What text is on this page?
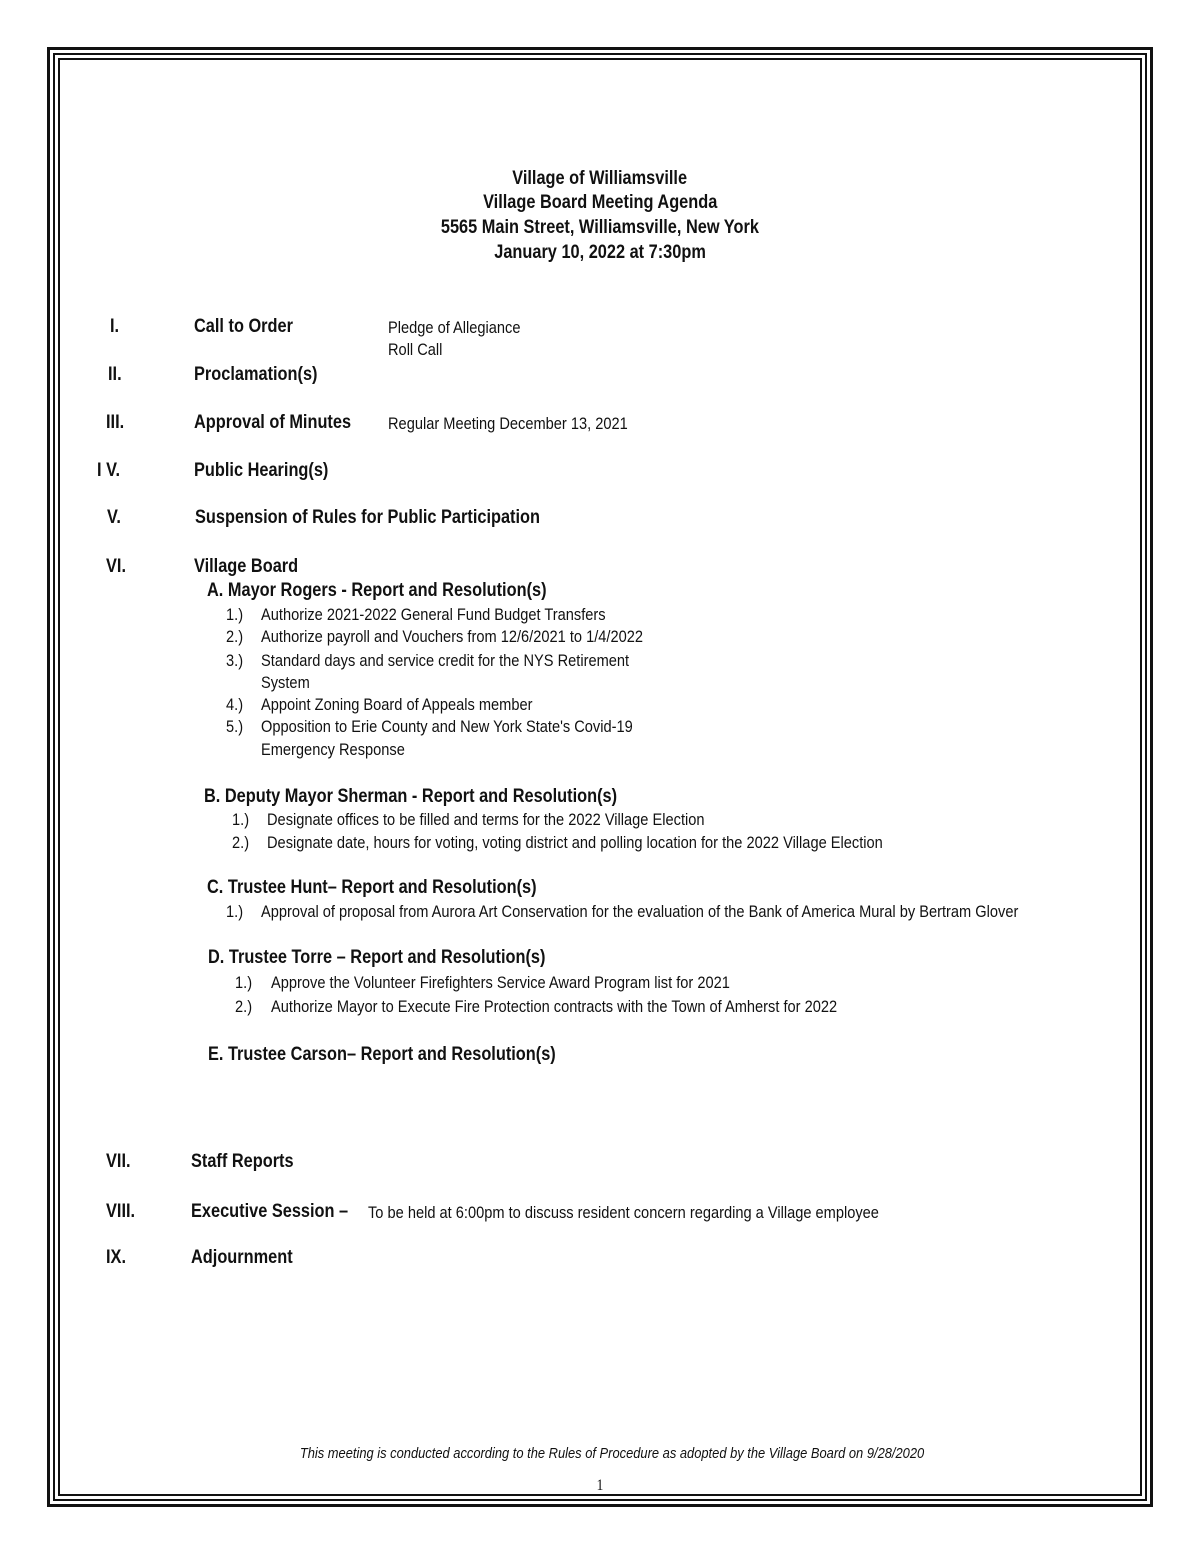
Village of Williamsville
Village Board Meeting Agenda
5565 Main Street, Williamsville, New York
January 10, 2022 at 7:30pm
I.	Call to Order	Pledge of Allegiance
Roll Call
II.	Proclamation(s)
III.	Approval of Minutes Regular Meeting December 13, 2021
I V.	Public Hearing(s)
V.	Suspension of Rules for Public Participation
VI.	Village Board
A. Mayor Rogers - Report and Resolution(s)
1.) Authorize 2021-2022 General Fund Budget Transfers
2.) Authorize payroll and Vouchers from 12/6/2021 to 1/4/2022
3.) Standard days and service credit for the NYS Retirement
System
4.) Appoint Zoning Board of Appeals member
5.) Opposition to Erie County and New York State's Covid-19
Emergency Response
B. Deputy Mayor Sherman - Report and Resolution(s)
1.) Designate offices to be filled and terms for the 2022 Village Election
2.) Designate date, hours for voting, voting district and polling location for the 2022 Village Election
C. Trustee Hunt– Report and Resolution(s)
1.) Approval of proposal from Aurora Art Conservation for the evaluation of the Bank of America Mural by Bertram Glover
D. Trustee Torre – Report and Resolution(s)
1.) Approve the Volunteer Firefighters Service Award Program list for 2021
2.) Authorize Mayor to Execute Fire Protection contracts with the Town of Amherst for 2022
E. Trustee Carson– Report and Resolution(s)
VII.	Staff Reports
VIII.	Executive Session – To be held at 6:00pm to discuss resident concern regarding a Village employee
IX.	Adjournment
This meeting is conducted according to the Rules of Procedure as adopted by the Village Board on 9/28/2020
1
